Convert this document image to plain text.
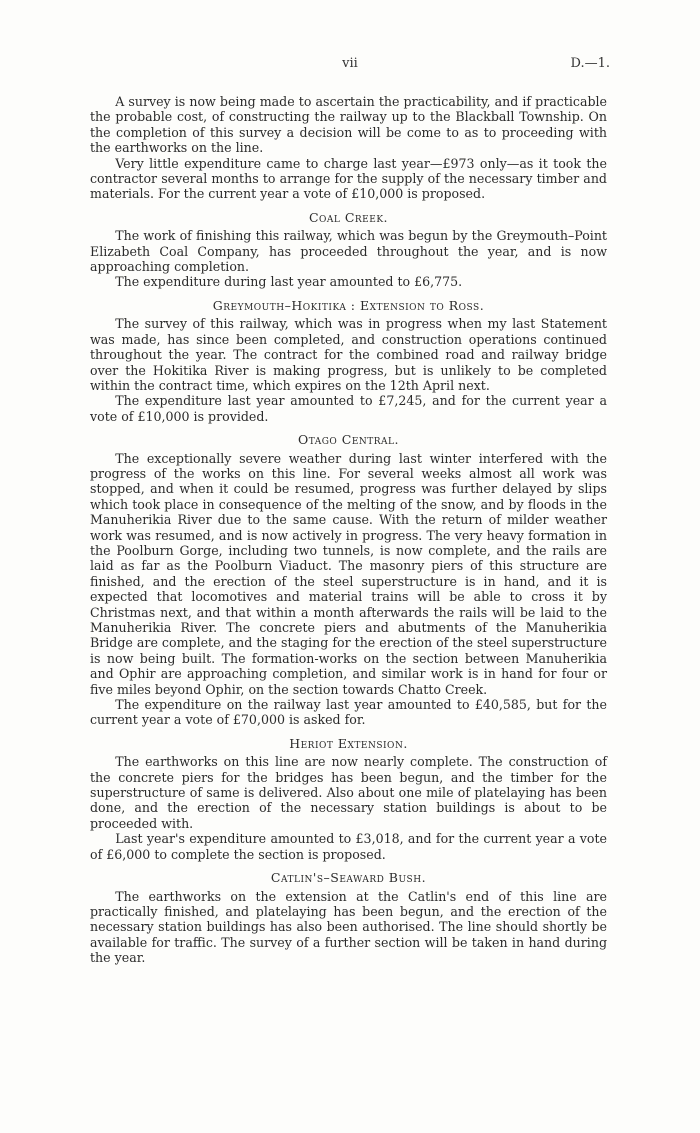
vii	D.—1.

A survey is now being made to ascertain the practicability, and if practicable the probable cost, of constructing the railway up to the Blackball Township. On the completion of this survey a decision will be come to as to proceeding with the earthworks on the line.

Very little expenditure came to charge last year—£973 only—as it took the contractor several months to arrange for the supply of the necessary timber and materials. For the current year a vote of £10,000 is proposed.

Coal Creek.

The work of finishing this railway, which was begun by the Greymouth–Point Elizabeth Coal Company, has proceeded throughout the year, and is now approaching completion.

The expenditure during last year amounted to £6,775.

Greymouth–Hokitika : Extension to Ross.

The survey of this railway, which was in progress when my last Statement was made, has since been completed, and construction operations continued throughout the year. The contract for the combined road and railway bridge over the Hokitika River is making progress, but is unlikely to be completed within the contract time, which expires on the 12th April next.

The expenditure last year amounted to £7,245, and for the current year a vote of £10,000 is provided.

Otago Central.

The exceptionally severe weather during last winter interfered with the progress of the works on this line. For several weeks almost all work was stopped, and when it could be resumed, progress was further delayed by slips which took place in consequence of the melting of the snow, and by floods in the Manuherikia River due to the same cause. With the return of milder weather work was resumed, and is now actively in progress. The very heavy formation in the Poolburn Gorge, including two tunnels, is now complete, and the rails are laid as far as the Poolburn Viaduct. The masonry piers of this structure are finished, and the erection of the steel superstructure is in hand, and it is expected that locomotives and material trains will be able to cross it by Christmas next, and that within a month afterwards the rails will be laid to the Manuherikia River. The concrete piers and abutments of the Manuherikia Bridge are complete, and the staging for the erection of the steel superstructure is now being built. The formation-works on the section between Manuherikia and Ophir are approaching completion, and similar work is in hand for four or five miles beyond Ophir, on the section towards Chatto Creek.

The expenditure on the railway last year amounted to £40,585, but for the current year a vote of £70,000 is asked for.

Heriot Extension.

The earthworks on this line are now nearly complete. The construction of the concrete piers for the bridges has been begun, and the timber for the superstructure of same is delivered. Also about one mile of platelaying has been done, and the erection of the necessary station buildings is about to be proceeded with.

Last year's expenditure amounted to £3,018, and for the current year a vote of £6,000 to complete the section is proposed.

Catlin's–Seaward Bush.

The earthworks on the extension at the Catlin's end of this line are practically finished, and platelaying has been begun, and the erection of the necessary station buildings has also been authorised. The line should shortly be available for traffic. The survey of a further section will be taken in hand during the year.
